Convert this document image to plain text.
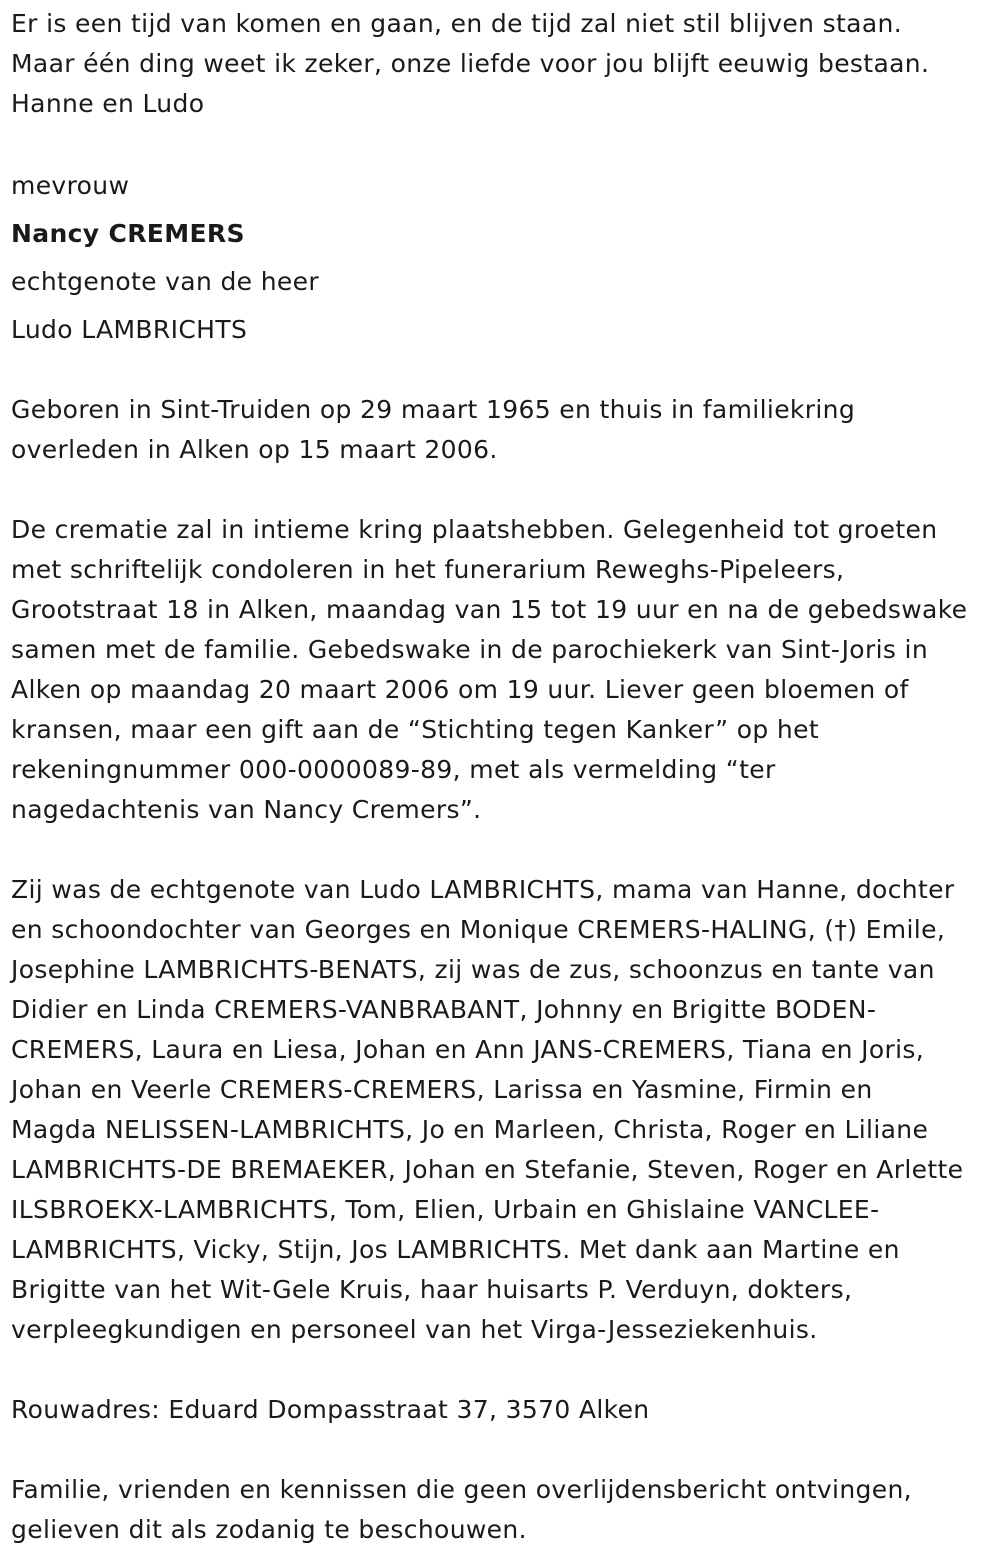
Er is een tijd van komen en gaan, en de tijd zal niet stil blijven staan.
Maar één ding weet ik zeker, onze liefde voor jou blijft eeuwig bestaan.
Hanne en Ludo
mevrouw
Nancy CREMERS
echtgenote van de heer
Ludo LAMBRICHTS
Geboren in Sint-Truiden op 29 maart 1965 en thuis in familiekring
overleden in Alken op 15 maart 2006.
De crematie zal in intieme kring plaatshebben. Gelegenheid tot groeten
met schriftelijk condoleren in het funerarium Reweghs-Pipeleers,
Grootstraat 18 in Alken, maandag van 15 tot 19 uur en na de gebedswake
samen met de familie. Gebedswake in de parochiekerk van Sint-Joris in
Alken op maandag 20 maart 2006 om 19 uur. Liever geen bloemen of
kransen, maar een gift aan de “Stichting tegen Kanker” op het
rekeningnummer 000-0000089-89, met als vermelding “ter
nagedachtenis van Nancy Cremers”.
Zij was de echtgenote van Ludo LAMBRICHTS, mama van Hanne, dochter
en schoondochter van Georges en Monique CREMERS-HALING, (†) Emile,
Josephine LAMBRICHTS-BENATS, zij was de zus, schoonzus en tante van
Didier en Linda CREMERS-VANBRABANT, Johnny en Brigitte BODEN-
CREMERS, Laura en Liesa, Johan en Ann JANS-CREMERS, Tiana en Joris,
Johan en Veerle CREMERS-CREMERS, Larissa en Yasmine, Firmin en
Magda NELISSEN-LAMBRICHTS, Jo en Marleen, Christa, Roger en Liliane
LAMBRICHTS-DE BREMAEKER, Johan en Stefanie, Steven, Roger en Arlette
ILSBROEKX-LAMBRICHTS, Tom, Elien, Urbain en Ghislaine VANCLEE-
LAMBRICHTS, Vicky, Stijn, Jos LAMBRICHTS. Met dank aan Martine en
Brigitte van het Wit-Gele Kruis, haar huisarts P. Verduyn, dokters,
verpleegkundigen en personeel van het Virga-Jesseziekenhuis.
Rouwadres: Eduard Dompasstraat 37, 3570 Alken
Familie, vrienden en kennissen die geen overlijdensbericht ontvingen,
gelieven dit als zodanig te beschouwen.
